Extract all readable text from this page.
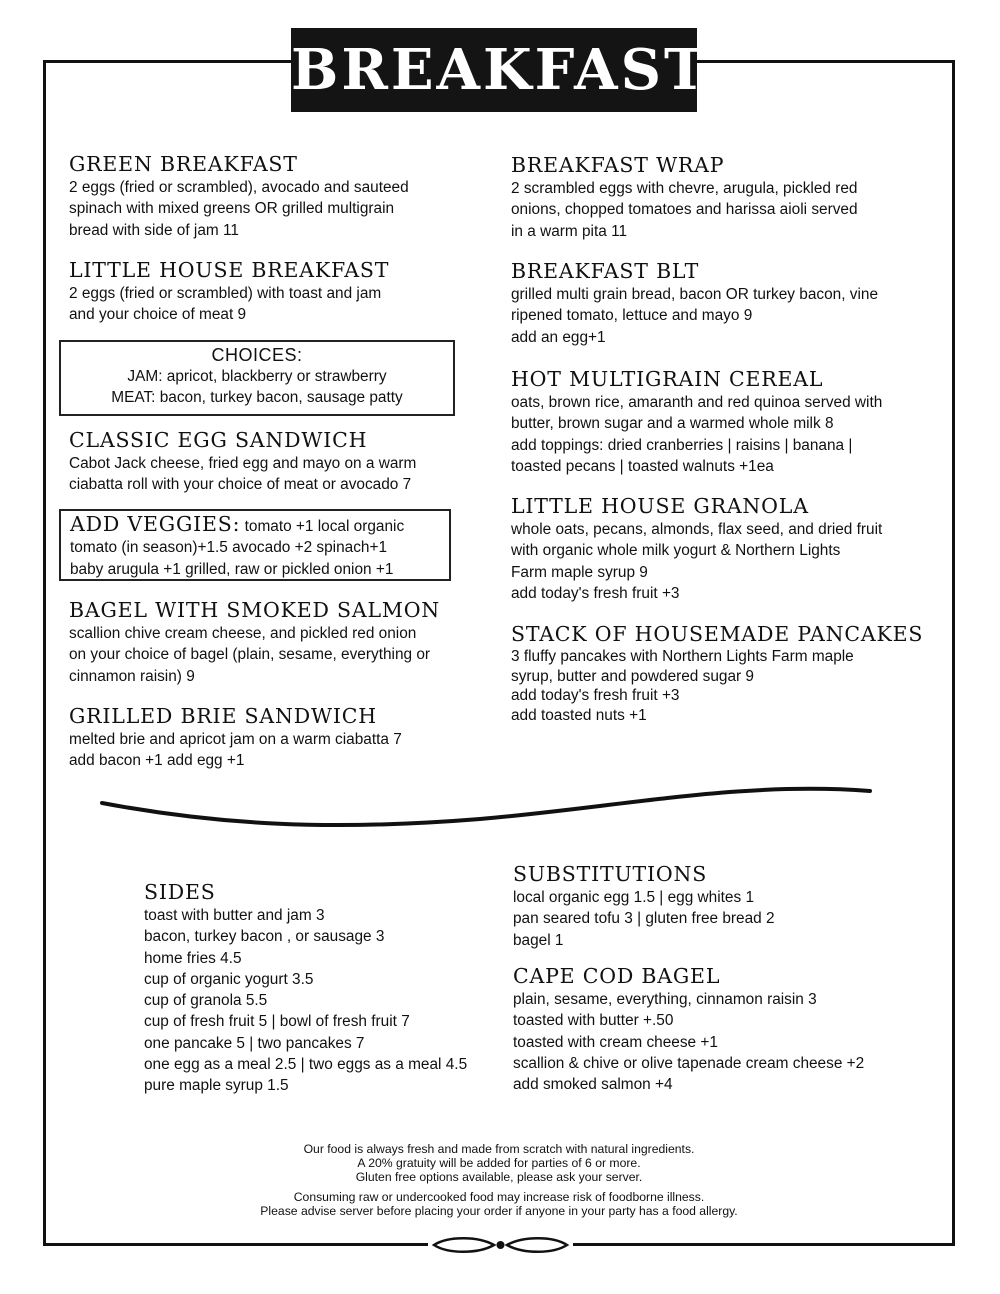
BREAKFAST
GREEN BREAKFAST
2 eggs (fried or scrambled), avocado and sauteed
spinach with mixed greens OR grilled multigrain
bread with side of jam 11
LITTLE HOUSE BREAKFAST
2 eggs (fried or scrambled) with toast and jam
and your choice of meat 9
CHOICES:
JAM: apricot, blackberry or strawberry
MEAT: bacon, turkey bacon, sausage patty
CLASSIC EGG SANDWICH
Cabot Jack cheese, fried egg and mayo on a warm
ciabatta roll with your choice of meat or avocado 7
ADD VEGGIES: tomato +1 local organic
tomato (in season)+1.5 avocado +2 spinach+1
baby arugula +1 grilled, raw or pickled onion +1
BAGEL WITH SMOKED SALMON
scallion chive cream cheese, and pickled red onion
on your choice of bagel (plain, sesame, everything or
cinnamon raisin) 9
GRILLED BRIE SANDWICH
melted brie and apricot jam on a warm ciabatta 7
add bacon +1 add egg +1
BREAKFAST WRAP
2 scrambled eggs with chevre, arugula, pickled red
onions, chopped tomatoes and harissa aioli served
in a warm pita 11
BREAKFAST BLT
grilled multi grain bread, bacon OR turkey bacon, vine
ripened tomato, lettuce and mayo 9
add an egg+1
HOT MULTIGRAIN CEREAL
oats, brown rice, amaranth and red quinoa served with
butter, brown sugar and a warmed whole milk 8
add toppings: dried cranberries | raisins | banana |
toasted pecans | toasted walnuts +1ea
LITTLE HOUSE GRANOLA
whole oats, pecans, almonds, flax seed, and dried fruit
with organic whole milk yogurt & Northern Lights
Farm maple syrup 9
add today's fresh fruit +3
STACK OF HOUSEMADE PANCAKES
3 fluffy pancakes with Northern Lights Farm maple
syrup, butter and powdered sugar 9
add today's fresh fruit +3
add toasted nuts +1
SIDES
toast with butter and jam 3
bacon, turkey bacon , or sausage 3
home fries 4.5
cup of organic yogurt 3.5
cup of granola 5.5
cup of fresh fruit 5 | bowl of fresh fruit 7
one pancake 5 | two pancakes 7
one egg as a meal 2.5 | two eggs as a meal 4.5
pure maple syrup 1.5
SUBSTITUTIONS
local organic egg 1.5 | egg whites 1
pan seared tofu 3 | gluten free bread 2
bagel 1
CAPE COD BAGEL
plain, sesame, everything, cinnamon raisin 3
toasted with butter +.50
toasted with cream cheese +1
scallion & chive or olive tapenade cream cheese +2
add smoked salmon +4
Our food is always fresh and made from scratch with natural ingredients.
A 20% gratuity will be added for parties of 6 or more.
Gluten free options available, please ask your server.
Consuming raw or undercooked food may increase risk of foodborne illness.
Please advise server before placing your order if anyone in your party has a food allergy.
